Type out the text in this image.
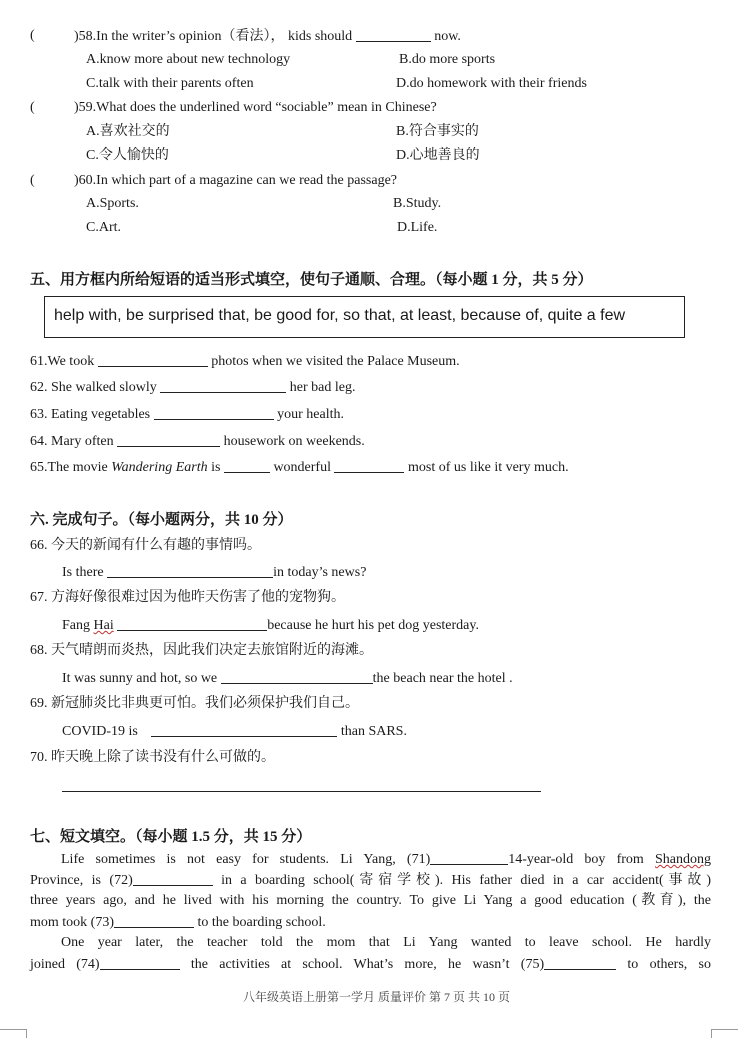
(	)58.In the writer’s opinion（看法）， kids should	now.
A.know more about new technology	B.do more sports
C.talk with their parents often	D.do homework with their friends
(	)59.What does the underlined word “sociable” mean in Chinese?
A.喜欢社交的	B.符合事实的
C.令人愉快的	D.心地善良的
(	)60.In which part of a magazine can we read the passage?
A.Sports.	B.Study.
C.Art.	D.Life.
五、用方框内所给短语的适当形式填空，使句子通顺、合理。（每小题 1 分，共 5 分）
help with, be surprised that, be good for, so that, at least, because of, quite a few
61.We took	photos when we visited the Palace Museum.
62. She walked slowly	her bad leg.
63. Eating vegetables	your health.
64. Mary often	housework on weekends.
65.The movie Wandering Earth is	wonderful	most of us like it very much.
六. 完成句子。（每小题两分，共 10 分）
66. 今天的新闻有什么有趣的事情吗。
Is there	in today’s news?
67. 方海好像很难过因为他昨天伤害了他的宠物狗。
Fang Hai	because he hurt his pet dog yesterday.
68. 天气晴朗而炎热，因此我们决定去旅馆附近的海滩。
It was sunny and hot, so we	the beach near the hotel .
69. 新冠肺炎比非典更可怕。我们必须保护我们自己。
COVID-19 is	than SARS.
70. 昨天晚上除了读书没有什么可做的。
七、短文填空。（每小题 1.5 分，共 15 分）
Life sometimes is not easy for students. Li Yang, (71)	14-year-old boy from Shandong
Province, is (72)	in a boarding school(寄宿学校). His father died in a car accident(事故)
three years ago, and he lived with his morning the country. To give Li Yang a good education (教育), the
mom took (73)	to the boarding school.
One year later, the teacher told the mom that Li Yang wanted to leave school. He hardly
joined (74)	the activities at school. What’s more, he wasn’t (75)	to others, so
八年级英语上册第一学月 质量评价 第 7 页 共 10 页
